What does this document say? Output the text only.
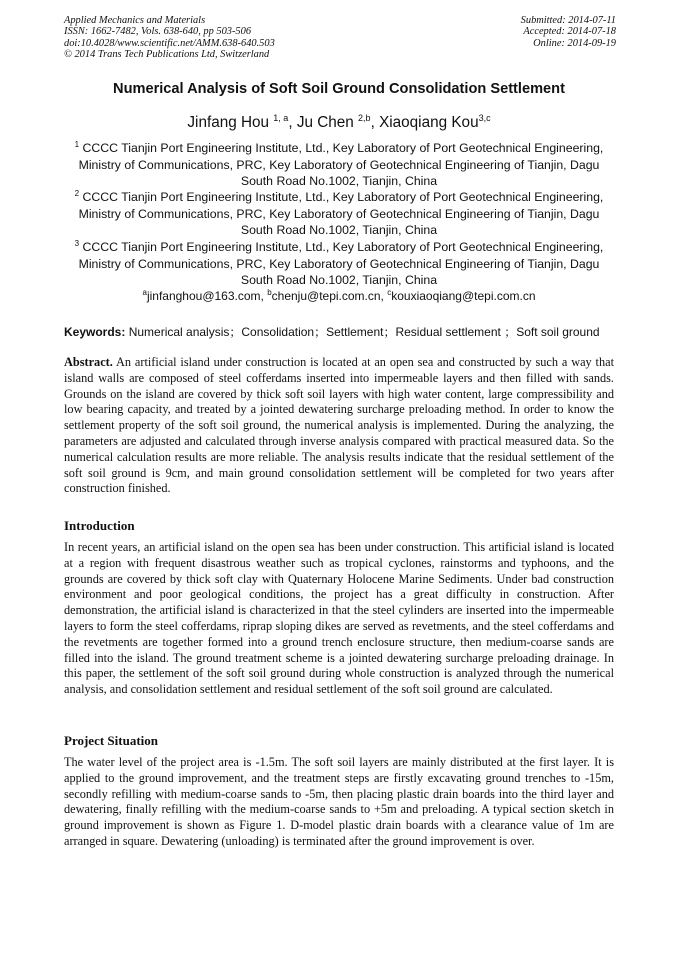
Applied Mechanics and Materials
ISSN: 1662-7482, Vols. 638-640, pp 503-506
doi:10.4028/www.scientific.net/AMM.638-640.503
© 2014 Trans Tech Publications Ltd, Switzerland
Submitted: 2014-07-11
Accepted: 2014-07-18
Online: 2014-09-19
Numerical Analysis of Soft Soil Ground Consolidation Settlement
Jinfang Hou $^{1, a}$, Ju Chen $^{2,b}$, Xiaoqiang Kou$^{3,c}$
$^1$ CCCC Tianjin Port Engineering Institute, Ltd., Key Laboratory of Port Geotechnical Engineering,
Ministry of Communications, PRC, Key Laboratory of Geotechnical Engineering of Tianjin, Dagu
South Road No.1002, Tianjin, China
$^2$ CCCC Tianjin Port Engineering Institute, Ltd., Key Laboratory of Port Geotechnical Engineering,
Ministry of Communications, PRC, Key Laboratory of Geotechnical Engineering of Tianjin, Dagu
South Road No.1002, Tianjin, China
$^3$ CCCC Tianjin Port Engineering Institute, Ltd., Key Laboratory of Port Geotechnical Engineering,
Ministry of Communications, PRC, Key Laboratory of Geotechnical Engineering of Tianjin, Dagu
South Road No.1002, Tianjin, China
$^a$jinfanghou@163.com, $^b$chenju@tepi.com.cn, $^c$kouxiaoqiang@tepi.com.cn
Keywords: Numerical analysis；Consolidation；Settlement；Residual settlement ；Soft soil ground
Abstract. An artificial island under construction is located at an open sea and constructed by such a way that island walls are composed of steel cofferdams inserted into impermeable layers and then filled with sands. Grounds on the island are covered by thick soft soil layers with high water content, large compressibility and low bearing capacity, and treated by a jointed dewatering surcharge preloading method. In order to know the settlement property of the soft soil ground, the numerical analysis is implemented. During the analyzing, the parameters are adjusted and calculated through inverse analysis compared with practical measured data. So the numerical calculation results are more reliable. The analysis results indicate that the residual settlement of the soft soil ground is 9cm, and main ground consolidation settlement will be completed for two years after construction finished.
Introduction
In recent years, an artificial island on the open sea has been under construction. This artificial island is located at a region with frequent disastrous weather such as tropical cyclones, rainstorms and typhoons, and the grounds are covered by thick soft clay with Quaternary Holocene Marine Sediments. Under bad construction environment and poor geological conditions, the project has a great difficulty in construction. After demonstration, the artificial island is characterized in that the steel cylinders are inserted into the impermeable layers to form the steel cofferdams, riprap sloping dikes are served as revetments, and the steel cofferdams and the revetments are together formed into a ground trench enclosure structure, then medium-coarse sands are filled into the island. The ground treatment scheme is a jointed dewatering surcharge preloading drainage. In this paper, the settlement of the soft soil ground during whole construction is analyzed through the numerical analysis, and consolidation settlement and residual settlement of the soft soil ground are calculated.
Project Situation
The water level of the project area is -1.5m. The soft soil layers are mainly distributed at the first layer. It is applied to the ground improvement, and the treatment steps are firstly excavating ground trenches to -15m, secondly refilling with medium-coarse sands to -5m, then placing plastic drain boards into the third layer and dewatering, finally refilling with the medium-coarse sands to +5m and preloading. A typical section sketch in ground improvement is shown as Figure 1. D-model plastic drain boards with a clearance value of 1m are arranged in square. Dewatering (unloading) is terminated after the ground improvement is over.
